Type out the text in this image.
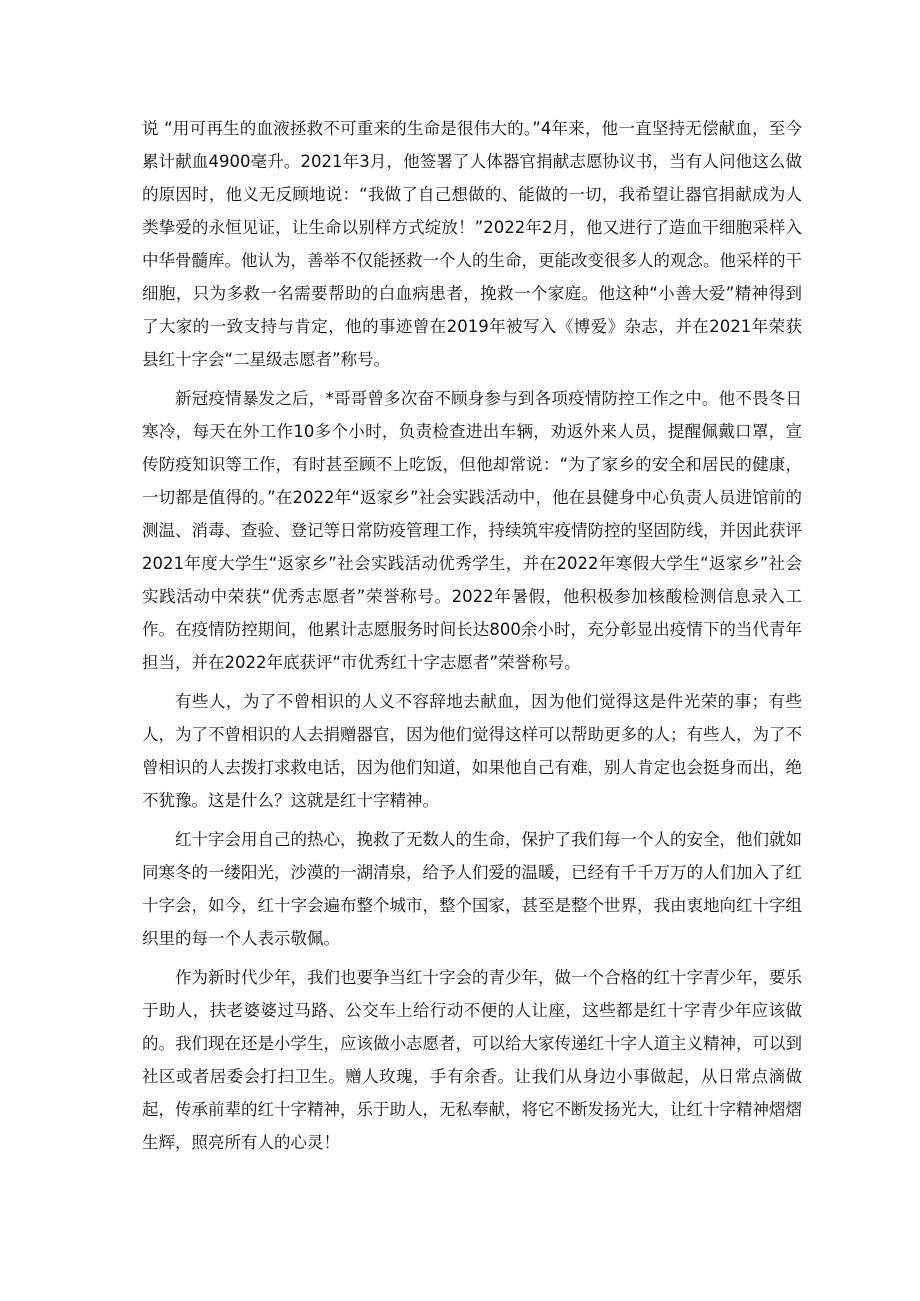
说 “用可再生的血液拯救不可重来的生命是很伟大的。”4年来，他一直坚持无偿献血，至今累计献血4900毫升。2021年3月，他签署了人体器官捐献志愿协议书，当有人问他这么做的原因时，他义无反顾地说：“我做了自己想做的、能做的一切，我希望让器官捐献成为人类挚爱的永恒见证，让生命以别样方式绽放！”2022年2月，他又进行了造血干细胞采样入中华骨髓库。他认为，善举不仅能拯救一个人的生命，更能改变很多人的观念。他采样的干细胞，只为多救一名需要帮助的白血病患者，挽救一个家庭。他这种“小善大爱”精神得到了大家的一致支持与肯定，他的事迹曾在2019年被写入《博爱》杂志，并在2021年荣获县红十字会“二星级志愿者”称号。

新冠疫情暴发之后，*哥哥曾多次奋不顾身参与到各项疫情防控工作之中。他不畏冬日寒冷，每天在外工作10多个小时，负责检查进出车辆，劝返外来人员，提醒佩戴口罩，宣传防疫知识等工作，有时甚至顾不上吃饭，但他却常说：“为了家乡的安全和居民的健康，一切都是值得的。”在2022年“返家乡”社会实践活动中，他在县健身中心负责人员进馆前的测温、消毒、查验、登记等日常防疫管理工作，持续筑牢疫情防控的坚固防线，并因此获评2021年度大学生“返家乡”社会实践活动优秀学生，并在2022年寒假大学生“返家乡”社会实践活动中荣获“优秀志愿者”荣誉称号。2022年暑假，他积极参加核酸检测信息录入工作。在疫情防控期间，他累计志愿服务时间长达800余小时，充分彰显出疫情下的当代青年担当，并在2022年底获评“市优秀红十字志愿者”荣誉称号。

有些人，为了不曾相识的人义不容辞地去献血，因为他们觉得这是件光荣的事；有些人，为了不曾相识的人去捐赠器官，因为他们觉得这样可以帮助更多的人；有些人，为了不曾相识的人去拨打求救电话，因为他们知道，如果他自己有难，别人肯定也会挺身而出，绝不犹豫。这是什么？这就是红十字精神。

红十字会用自己的热心，挽救了无数人的生命，保护了我们每一个人的安全，他们就如同寒冬的一缕阳光，沙漠的一湖清泉，给予人们爱的温暖，已经有千千万万的人们加入了红十字会，如今，红十字会遍布整个城市，整个国家，甚至是整个世界，我由衷地向红十字组织里的每一个人表示敬佩。

作为新时代少年，我们也要争当红十字会的青少年，做一个合格的红十字青少年，要乐于助人，扶老婆婆过马路、公交车上给行动不便的人让座，这些都是红十字青少年应该做的。我们现在还是小学生，应该做小志愿者，可以给大家传递红十字人道主义精神，可以到社区或者居委会打扫卫生。赠人玫瑰，手有余香。让我们从身边小事做起，从日常点滴做起，传承前辈的红十字精神，乐于助人，无私奉献，将它不断发扬光大，让红十字精神熠熠生辉，照亮所有人的心灵！
